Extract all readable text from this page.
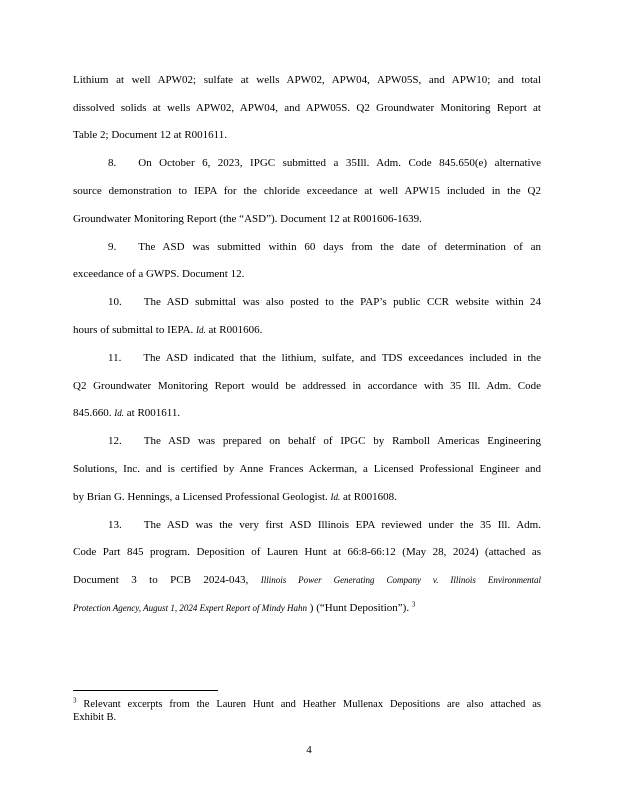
Lithium at well APW02; sulfate at wells APW02, APW04, APW05S, and APW10; and total
dissolved solids at wells APW02, APW04, and APW05S. Q2 Groundwater Monitoring Report at
Table 2; Document 12 at R001611.
8.  On October 6, 2023, IPGC submitted a 35Ill. Adm. Code 845.650(e) alternative
source demonstration to IEPA for the chloride exceedance at well APW15 included in the Q2
Groundwater Monitoring Report (the “ASD”). Document 12 at R001606-1639.
9.  The ASD was submitted within 60 days from the date of determination of an
exceedance of a GWPS. Document 12.
10.  The ASD submittal was also posted to the PAP’s public CCR website within 24
hours of submittal to IEPA. Id. at R001606.
11.  The ASD indicated that the lithium, sulfate, and TDS exceedances included in the
Q2 Groundwater Monitoring Report would be addressed in accordance with 35 Ill. Adm. Code
845.660. Id. at R001611.
12.  The ASD was prepared on behalf of IPGC by Ramboll Americas Engineering
Solutions, Inc. and is certified by Anne Frances Ackerman, a Licensed Professional Engineer and
by Brian G. Hennings, a Licensed Professional Geologist. Id. at R001608.
13.  The ASD was the very first ASD Illinois EPA reviewed under the 35 Ill. Adm.
Code Part 845 program. Deposition of Lauren Hunt at 66:8-66:12 (May 28, 2024) (attached as
Document 3 to PCB 2024-043, Illinois Power Generating Company v. Illinois Environmental
Protection Agency, August 1, 2024 Expert Report of Mindy Hahn ) (“Hunt Deposition”). $^3$
$^3$ Relevant excerpts from the Lauren Hunt and Heather Mullenax Depositions are also attached as
Exhibit B.
4
